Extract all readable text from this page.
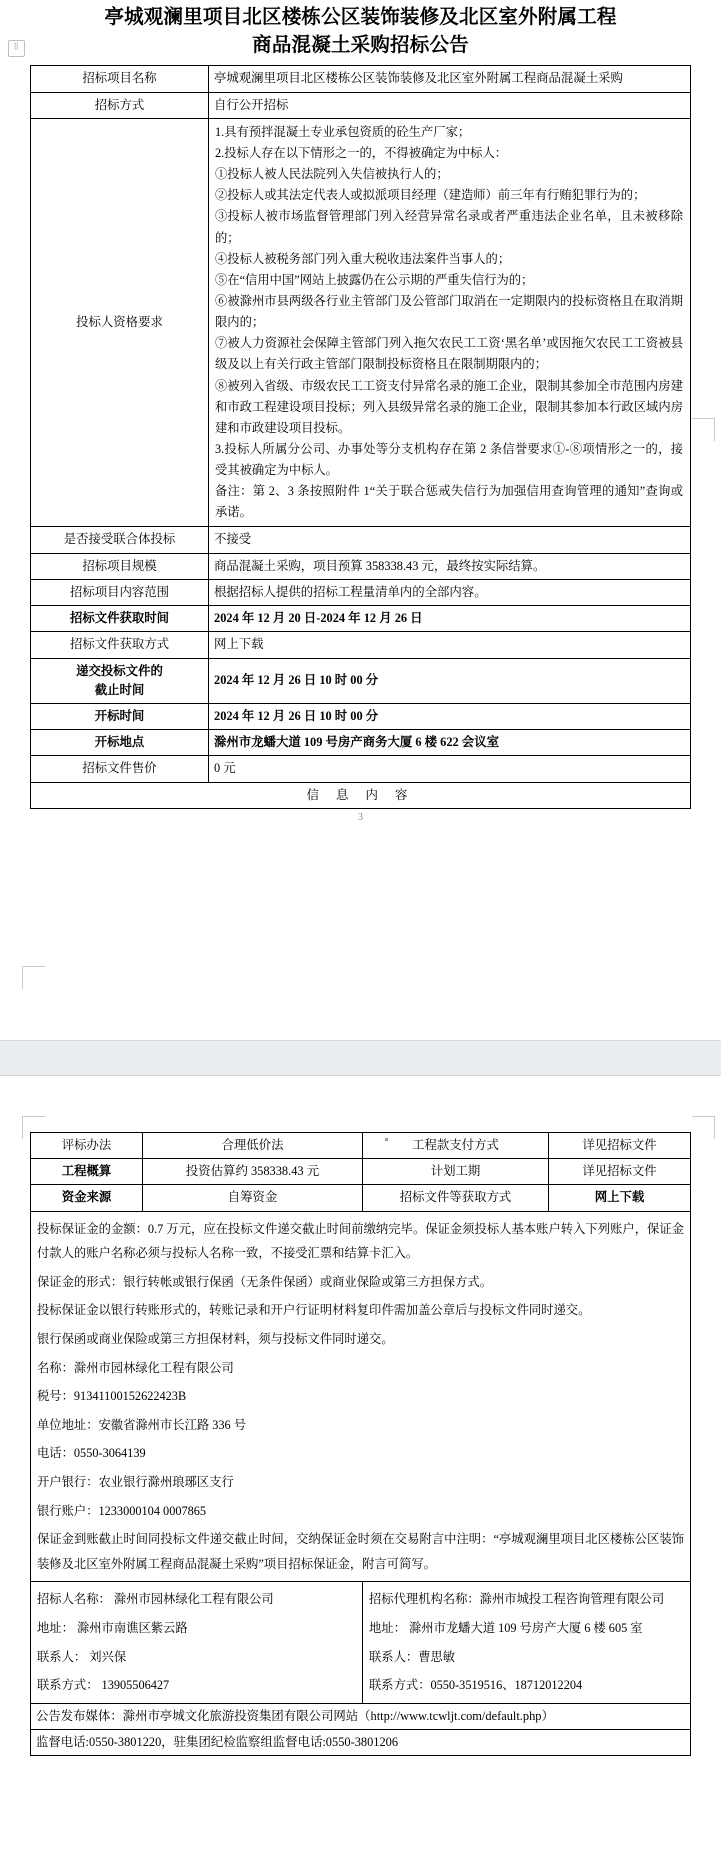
⣿
亭城观澜里项目北区楼栋公区装饰装修及北区室外附属工程
商品混凝土采购招标公告
招标项目名称	亭城观澜里项目北区楼栋公区装饰装修及北区室外附属工程商品混凝土采购
招标方式	自行公开招标
投标人资格要求	

1.具有预拌混凝土专业承包资质的砼生产厂家；

2.投标人存在以下情形之一的，不得被确定为中标人：

①投标人被人民法院列入失信被执行人的；

②投标人或其法定代表人或拟派项目经理（建造师）前三年有行贿犯罪行为的；

③投标人被市场监督管理部门列入经营异常名录或者严重违法企业名单，且未被移除的；

④投标人被税务部门列入重大税收违法案件当事人的；

⑤在“信用中国”网站上披露仍在公示期的严重失信行为的；

⑥被滁州市县两级各行业主管部门及公管部门取消在一定期限内的投标资格且在取消期限内的；

⑦被人力资源社会保障主管部门列入拖欠农民工工资‘黑名单’或因拖欠农民工工资被县级及以上有关行政主管部门限制投标资格且在限制期限内的；

⑧被列入省级、市级农民工工资支付异常名录的施工企业，限制其参加全市范围内房建和市政工程建设项目投标；列入县级异常名录的施工企业，限制其参加本行政区域内房建和市政建设项目投标。

3.投标人所属分公司、办事处等分支机构存在第 2 条信誉要求①-⑧项情形之一的，接受其被确定为中标人。

备注：第 2、3 条按照附件 1“关于联合惩戒失信行为加强信用查询管理的通知”查询或承诺。

是否接受联合体投标	不接受
招标项目规模	商品混凝土采购，项目预算 358338.43 元，最终按实际结算。
招标项目内容范围	根据招标人提供的招标工程量清单内的全部内容。
招标文件获取时间	2024 年 12 月 20 日-2024 年 12 月 26 日
招标文件获取方式	网上下载

递交投标文件的
截止时间	2024 年 12 月 26 日 10 时 00 分
开标时间	2024 年 12 月 26 日 10 时 00 分
开标地点	滁州市龙蟠大道 109 号房产商务大厦 6 楼 622 会议室
招标文件售价	0 元
信 息 内 容	
3
评标办法	合理低价法	工程款支付方式	详见招标文件
工程概算	投资估算约 358338.43 元	计划工期	详见招标文件
资金来源	自筹资金	招标文件等获取方式	网上下载

投标保证金的金额：0.7 万元，应在投标文件递交截止时间前缴纳完毕。保证金须投标人基本账户转入下列账户，保证金付款人的账户名称必须与投标人名称一致，不接受汇票和结算卡汇入。

保证金的形式：银行转帐或银行保函（无条件保函）或商业保险或第三方担保方式。

投标保证金以银行转账形式的，转账记录和开户行证明材料复印件需加盖公章后与投标文件同时递交。

银行保函或商业保险或第三方担保材料，须与投标文件同时递交。

名称：滁州市园林绿化工程有限公司

税号：91341100152622423B

单位地址：安徽省滁州市长江路 336 号

电话：0550-3064139

开户银行：农业银行滁州琅琊区支行

银行账户：1233000104 0007865

保证金到账截止时间同投标文件递交截止时间，交纳保证金时须在交易附言中注明：“亭城观澜里项目北区楼栋公区装饰装修及北区室外附属工程商品混凝土采购”项目招标保证金，附言可简写。

招标人名称： 滁州市园林绿化工程有限公司

地址： 滁州市南谯区紫云路

联系人： 刘兴保

联系方式： 13905506427

招标代理机构名称：滁州市城投工程咨询管理有限公司

地址： 滁州市龙蟠大道 109 号房产大厦 6 楼 605 室

联系人：曹思敏

联系方式：0550-3519516、18712012204

公告发布媒体：滁州市亭城文化旅游投资集团有限公司网站（http://www.tcwljt.com/default.php）			
监督电话:0550-3801220，驻集团纪检监察组监督电话:0550-3801206			
